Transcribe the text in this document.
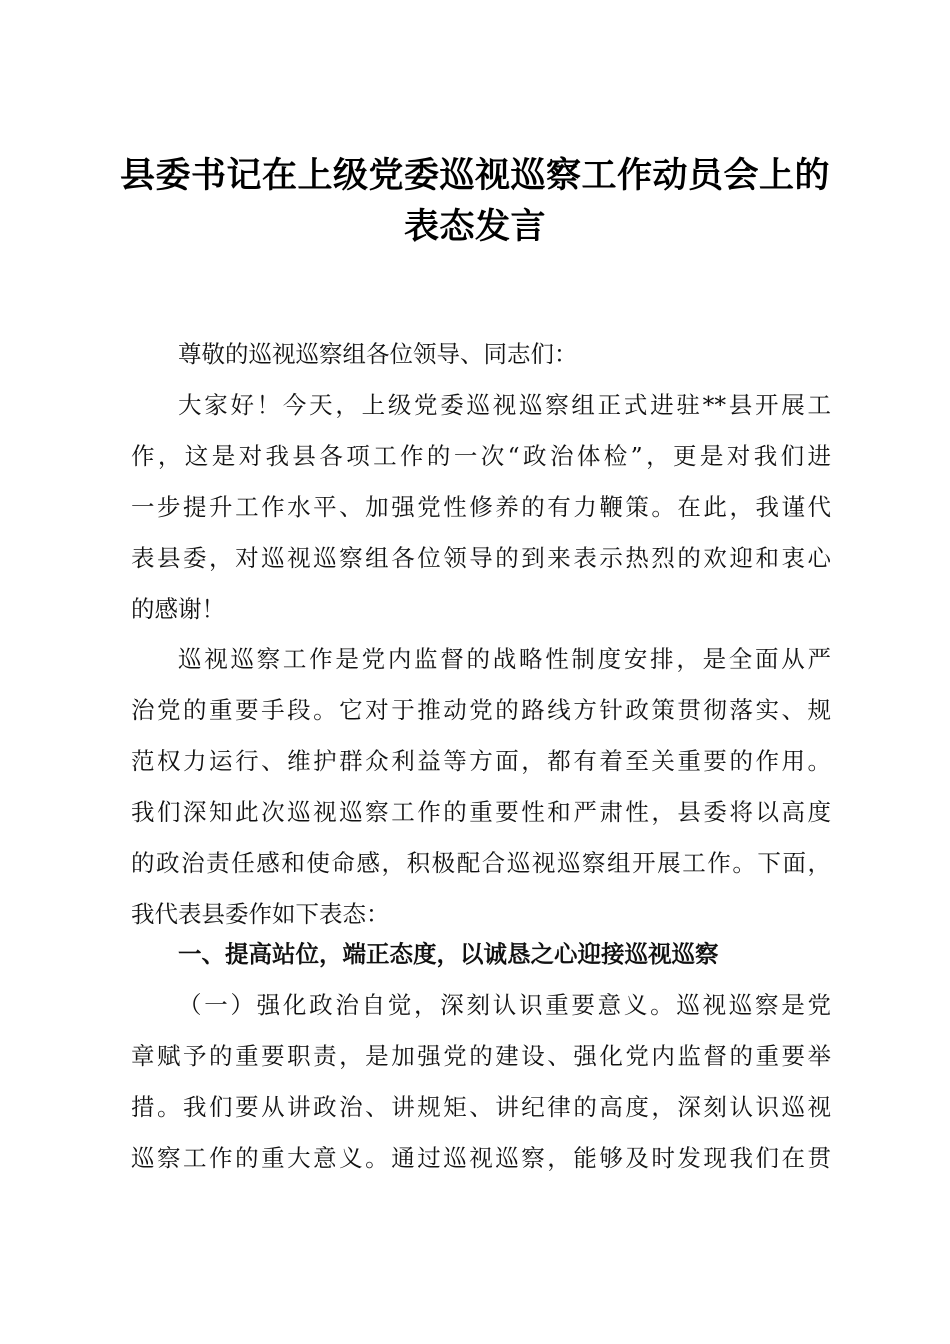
县委书记在上级党委巡视巡察工作动员会上的
表态发言
尊敬的巡视巡察组各位领导、同志们：
大家好！今天，上级党委巡视巡察组正式进驻**县开展工
作，这是对我县各项工作的一次“政治体检”，更是对我们进
一步提升工作水平、加强党性修养的有力鞭策。在此，我谨代
表县委，对巡视巡察组各位领导的到来表示热烈的欢迎和衷心
的感谢！
巡视巡察工作是党内监督的战略性制度安排，是全面从严
治党的重要手段。它对于推动党的路线方针政策贯彻落实、规
范权力运行、维护群众利益等方面，都有着至关重要的作用。
我们深知此次巡视巡察工作的重要性和严肃性，县委将以高度
的政治责任感和使命感，积极配合巡视巡察组开展工作。下面，
我代表县委作如下表态：
一、提高站位，端正态度，以诚恳之心迎接巡视巡察
（一）强化政治自觉，深刻认识重要意义。巡视巡察是党
章赋予的重要职责，是加强党的建设、强化党内监督的重要举
措。我们要从讲政治、讲规矩、讲纪律的高度，深刻认识巡视
巡察工作的重大意义。通过巡视巡察，能够及时发现我们在贯
